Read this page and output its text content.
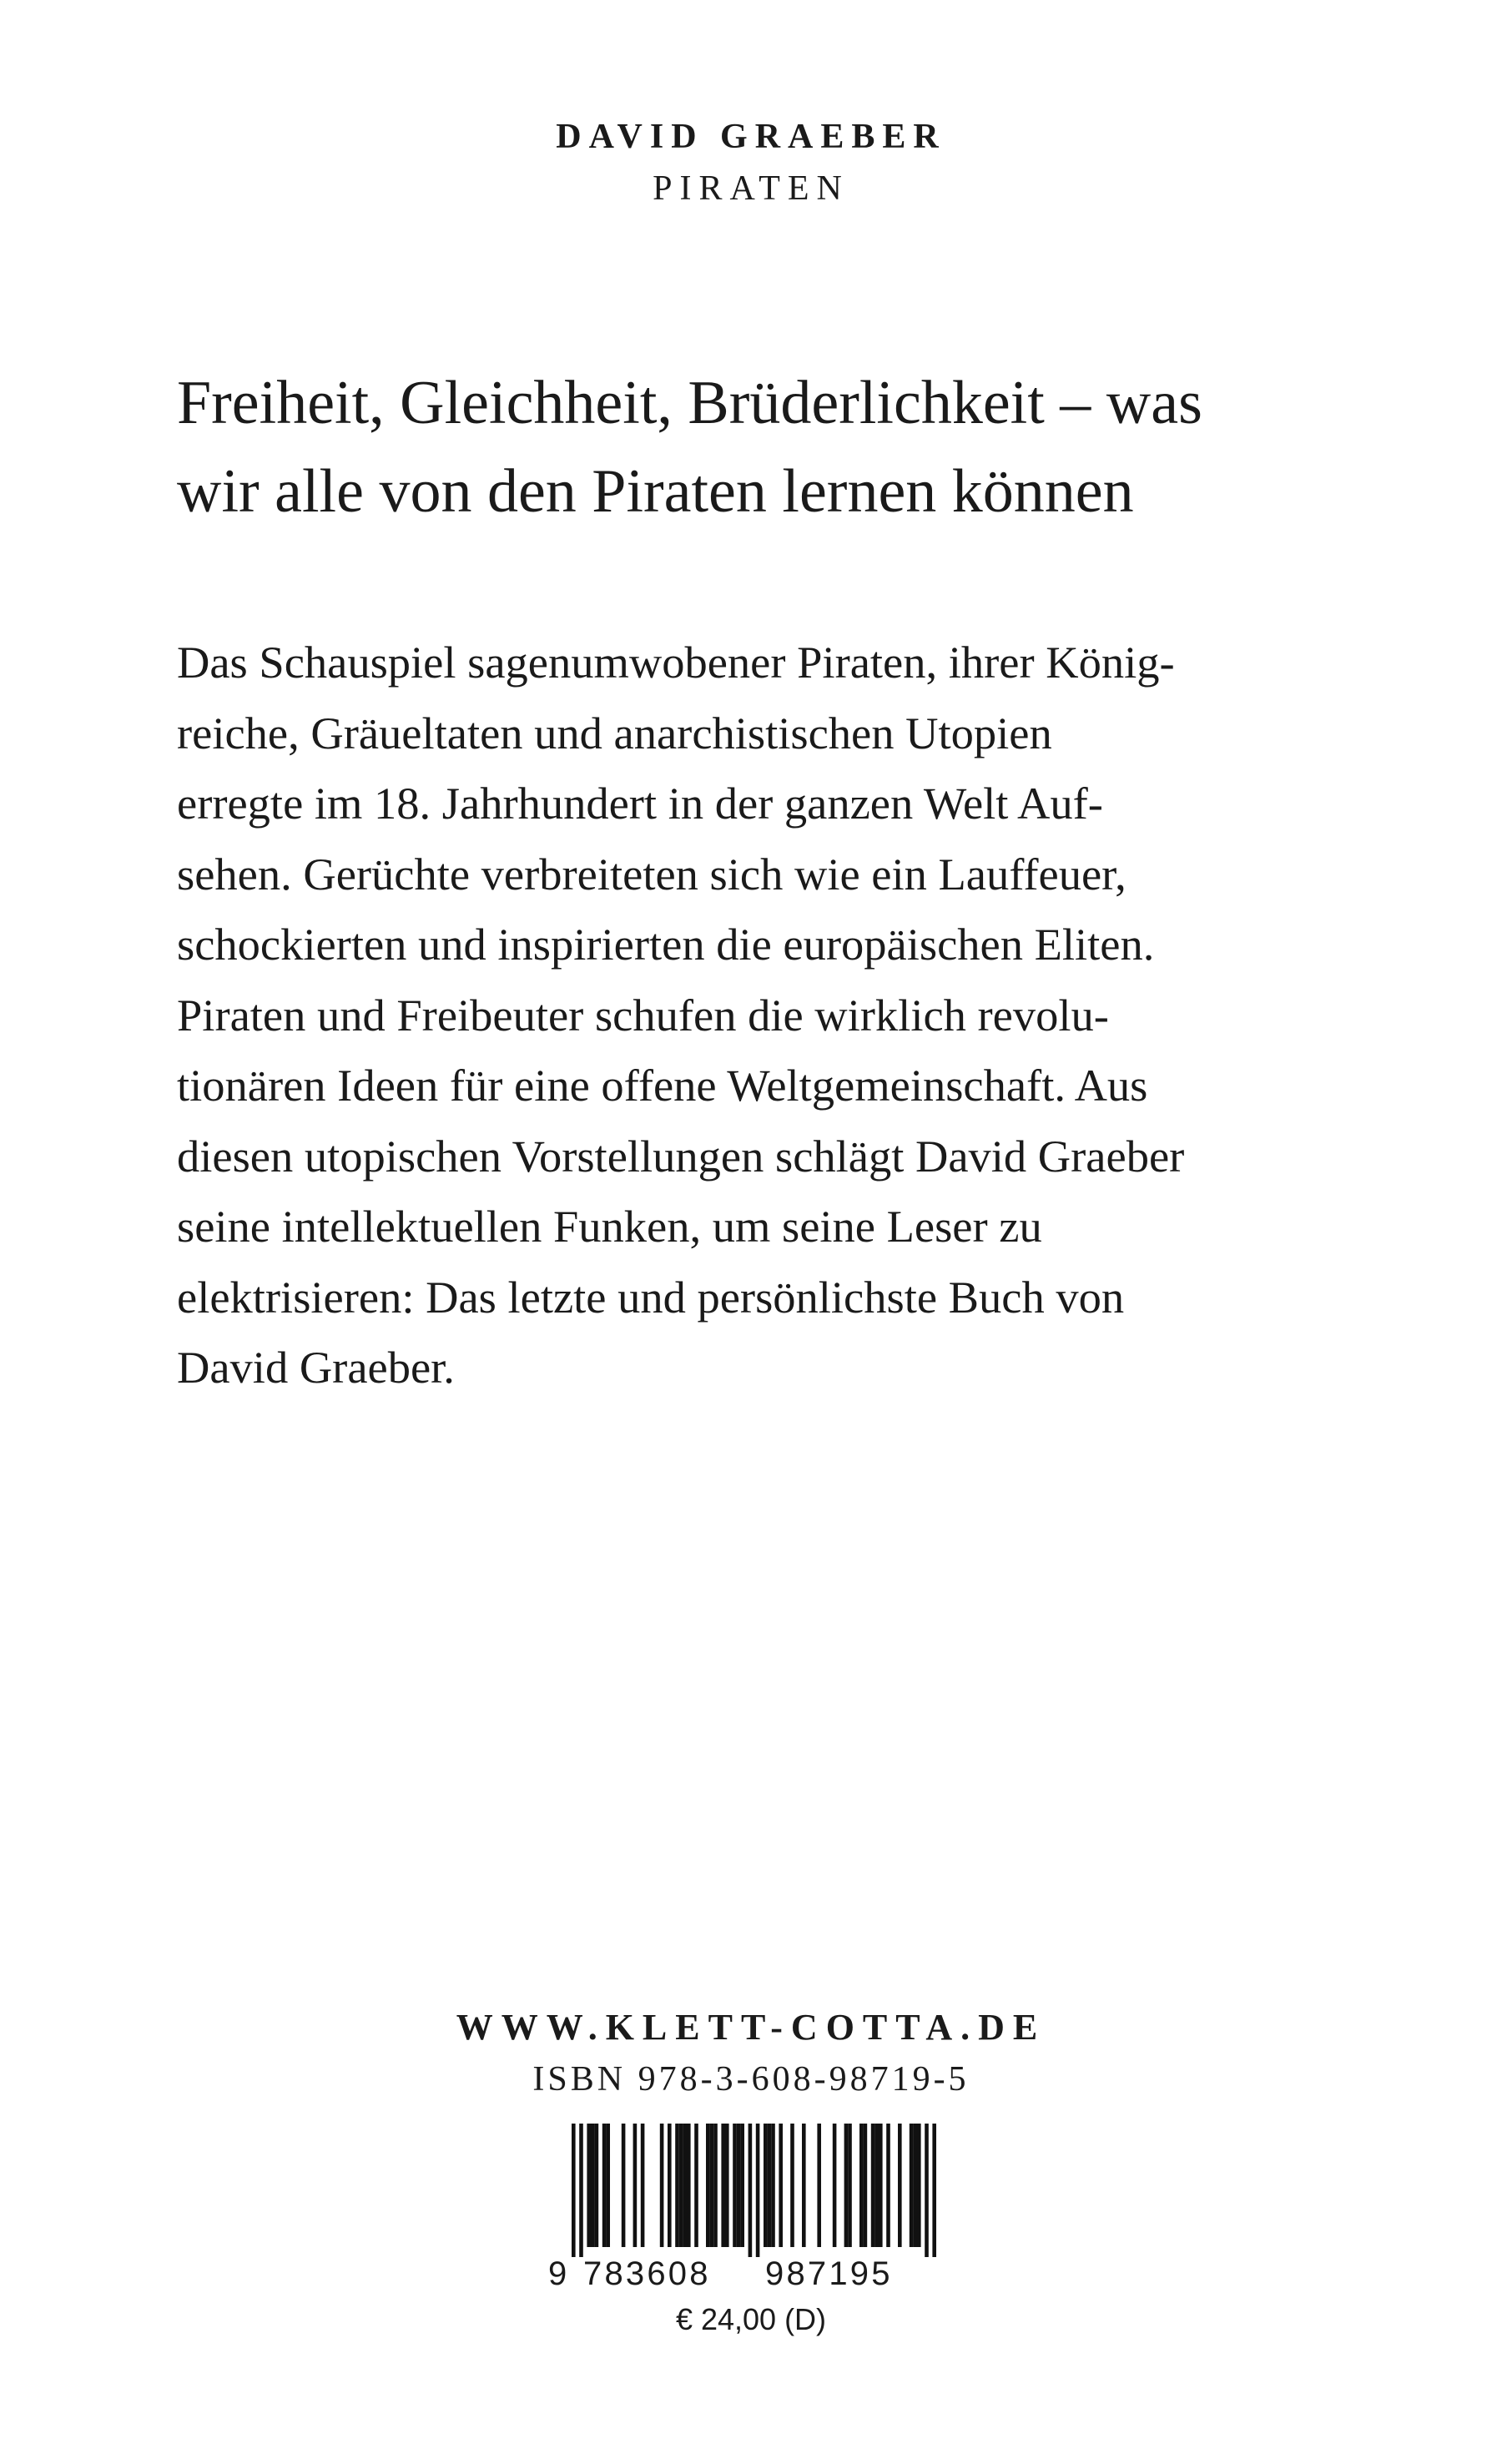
DAVID GRAEBER
PIRATEN
Freiheit, Gleichheit, Brüderlichkeit – was
wir alle von den Piraten lernen können
Das Schauspiel sagenumwobener Piraten, ihrer König-
reiche, Gräueltaten und anarchistischen Utopien
erregte im 18. Jahrhundert in der ganzen Welt Auf-
sehen. Gerüchte verbreiteten sich wie ein Lauffeuer,
schockierten und inspirierten die europäischen Eliten.
Piraten und Freibeuter schufen die wirklich revolu-
tionären Ideen für eine offene Weltgemeinschaft. Aus
diesen utopischen Vorstellungen schlägt David Graeber
seine intellektuellen Funken, um seine Leser zu
elektrisieren: Das letzte und persönlichste Buch von
David Graeber.
WWW.KLETT-COTTA.DE
ISBN 978-3-608-98719-5
9 783608	987195
€ 24,00 (D)
